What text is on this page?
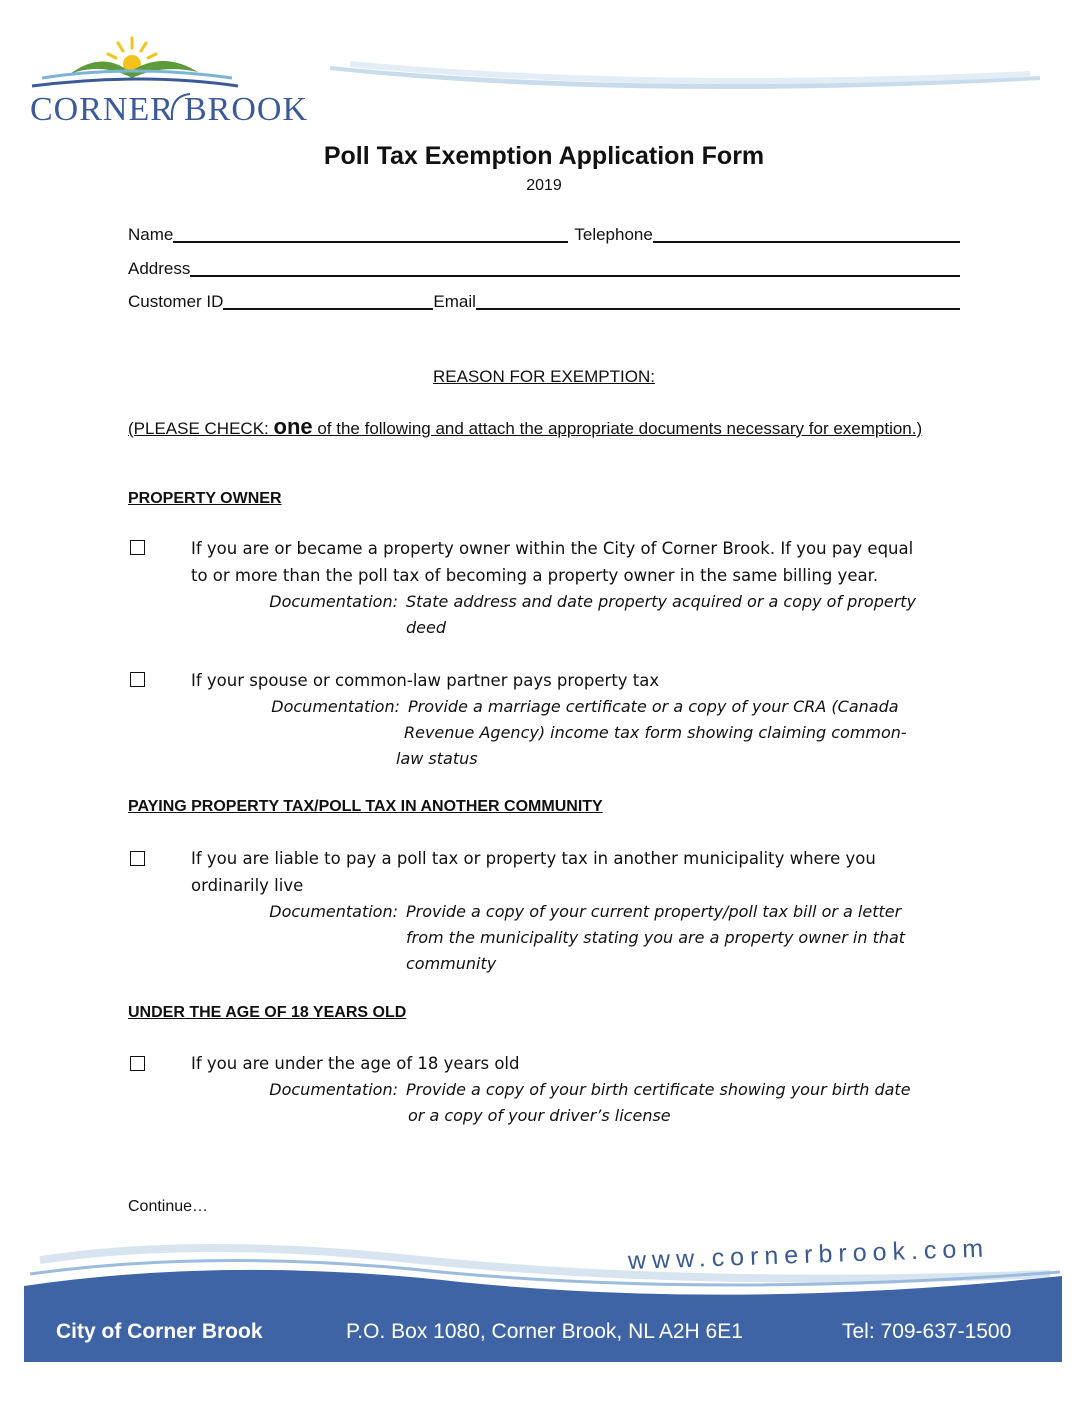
CORNER BROOK
CORNER BROOK
Poll Tax Exemption Application Form
2019
Name	Telephone
Address
Customer ID	Email
REASON FOR EXEMPTION:
(PLEASE CHECK: one of the following and attach the appropriate documents necessary for exemption.)
PROPERTY OWNER
If you are or became a property owner within the City of Corner Brook. If you pay equal
to or more than the poll tax of becoming a property owner in the same billing year.
Documentation: State address and date property acquired or a copy of property
deed
If your spouse or common-law partner pays property tax
Documentation: Provide a marriage certificate or a copy of your CRA (Canada
Revenue Agency) income tax form showing claiming common-
law status
PAYING PROPERTY TAX/POLL TAX IN ANOTHER COMMUNITY
If you are liable to pay a poll tax or property tax in another municipality where you
ordinarily live
Documentation: Provide a copy of your current property/poll tax bill or a letter
from the municipality stating you are a property owner in that
community
UNDER THE AGE OF 18 YEARS OLD
If you are under the age of 18 years old
Documentation: Provide a copy of your birth certificate showing your birth date
or a copy of your driver’s license
Continue…
www.cornerbrook.com
City of Corner Brook	P.O. Box 1080, Corner Brook, NL A2H 6E1	Tel: 709-637-1500
